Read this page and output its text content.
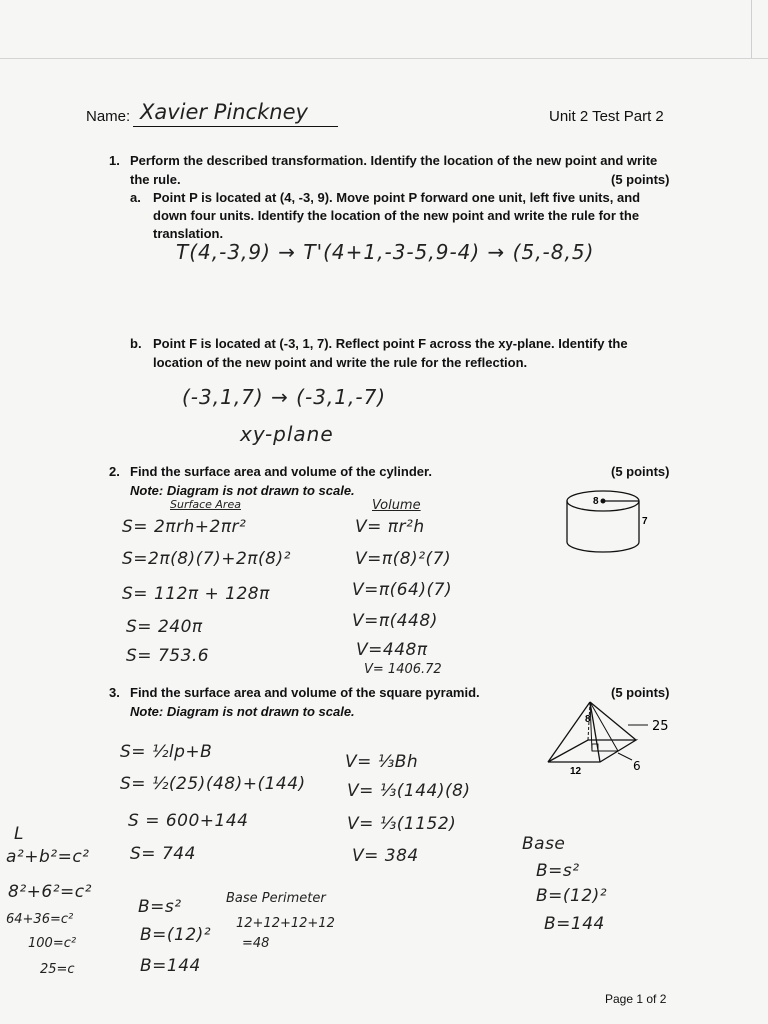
Name: Xavier Pinckney	Unit 2 Test Part 2
1. Perform the described transformation. Identify the location of the new point and write
the rule.	(5 points)
a. Point P is located at (4, -3, 9). Move point P forward one unit, left five units, and
down four units. Identify the location of the new point and write the rule for the
translation.
T(4,-3,9) → T'(4+1,-3-5,9-4) → (5,-8,5)
b. Point F is located at (-3, 1, 7). Reflect point F across the xy-plane. Identify the
location of the new point and write the rule for the reflection.
(-3,1,7) → (-3,1,-7)
xy-plane
2. Find the surface area and volume of the cylinder.	(5 points)
Note: Diagram is not drawn to scale.
8
7
Surface Area	Volume
S= 2πrh+2πr²
S=2π(8)(7)+2π(8)²
S= 112π + 128π
S= 240π
S= 753.6
V= πr²h
V=π(8)²(7)
V=π(64)(7)
V=π(448)
V=448π
V= 1406.72
3. Find the surface area and volume of the square pyramid.	(5 points)
Note: Diagram is not drawn to scale.
8	25
12	6
S= ½lp+B
S= ½(25)(48)+(144)
S = 600+144
S= 744
V= ⅓Bh
V= ⅓(144)(8)
V= ⅓(1152)
V= 384
L
a²+b²=c²
8²+6²=c²
64+36=c²
100=c²
25=c
B=s²
B=(12)²
B=144
Base Perimeter
12+12+12+12
=48
Base
B=s²
B=(12)²
B=144
Page 1 of 2
